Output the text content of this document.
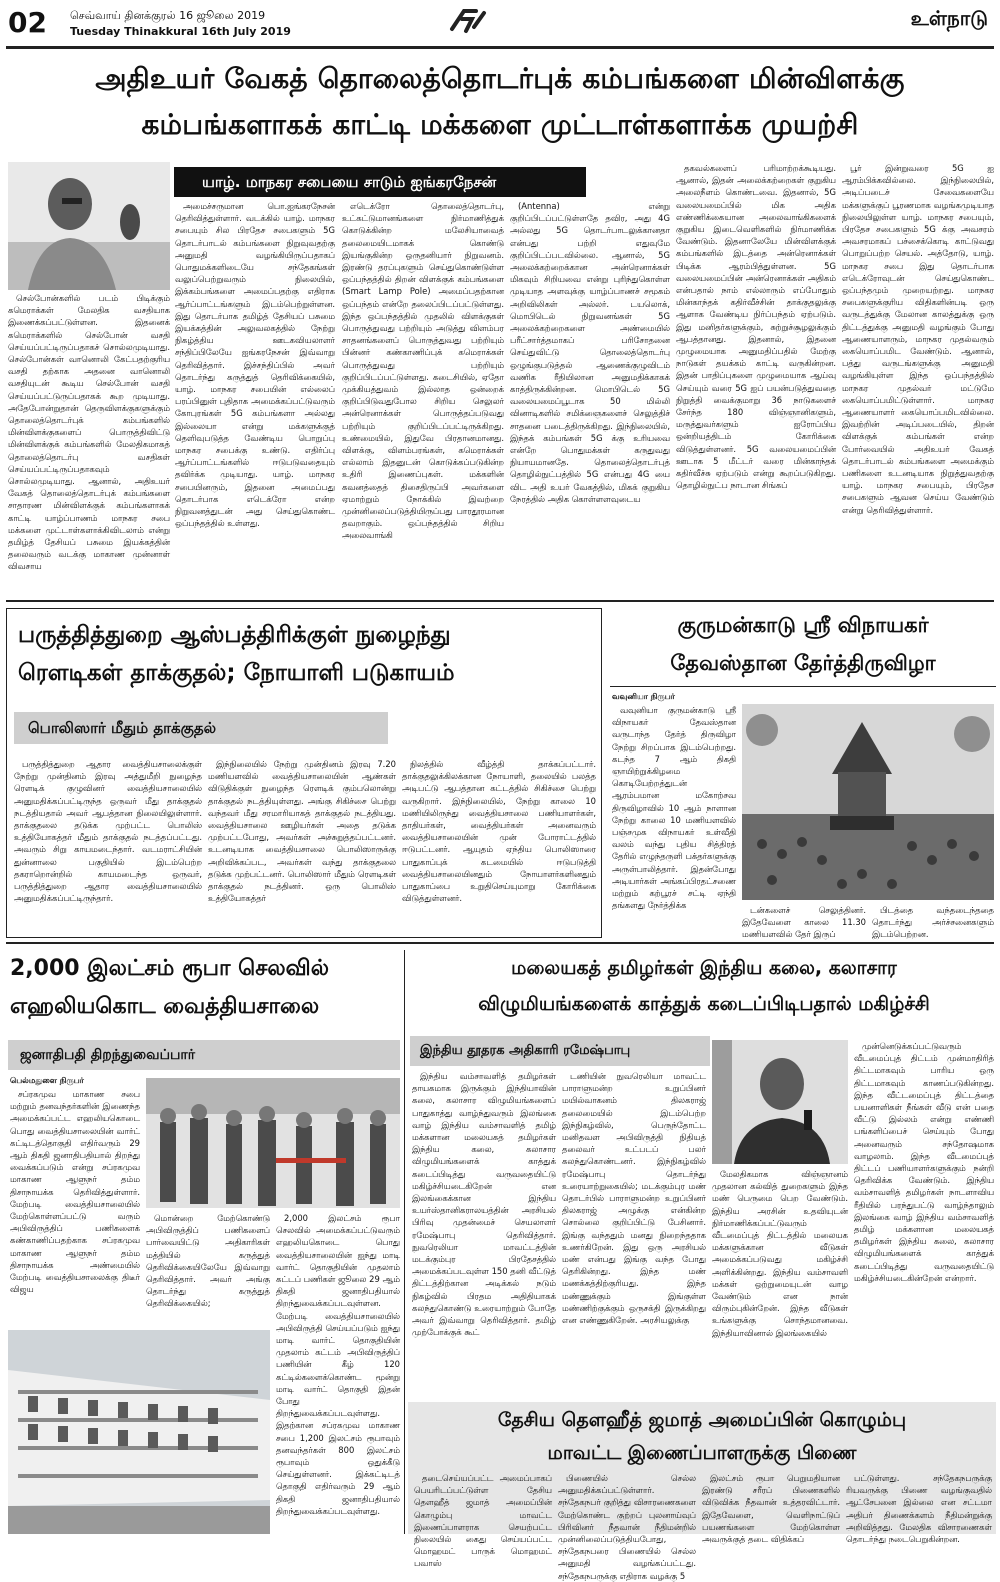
02 செவ்வாய் தினக்குரல் 16 ஜூலை 2019
Tuesday Thinakkural 16th July 2019
உள்நாடு
அதிஉயர் வேகத் தொலைத்தொடர்புக் கம்பங்களை மின்விளக்கு
கம்பங்களாகக் காட்டி மக்களை முட்டாள்களாக்க முயற்சி
யாழ். மாநகர சபையை சாடும் ஐங்கரநேசன்

செல்போன்களில் படம் பிடிக்கும் கமெராக்கள் மேலதிக வசதியாக இணைக்கப்பட்டுள்ளன. இதனைக் கமெராக்களில் செல்போன் வசதி செய்யப்பட்டிருப்பதாகச் சொல்லமுடியாது. செல்போன்கள் வானொலி கேட்பதற்குரிய வசதி தற்காக அதனை வானொலி வசதியுடன் கூடிய செல்போன் வசதி செய்யப்பட்டுருப்பதாகக் கூற முடியாது. அதேபோன்றுதான் தெருவிளக்குகளுக்கும் தொலைத்தொடர்புக் கம்பங்களில் மின்விளக்குகளைப் பொருத்திவிட்டு மின்விளக்குக் கம்பங்களில் மேலதிகமாகத் தொலைத்தொடர்பு வசதிகள் செய்யப்பட்டிருப்பதாகவும் சொல்லமுடியாது. ஆனால், அதிஉயர் வேகத் தொலைத்தொடர்புக் கம்பங்களை சாதாரண மின்விளக்குக் கம்பங்களாகக் காட்டி யாழ்ப்பாணம் மாநகர சபை மக்களை முட்டாள்களாக்கிவிடலாம் என்று தமிழ்த் தேசியப் பசுமை இயக்கத்தின் தலைவரும் வடக்கு மாகாண முன்னாள் விவசாய

அமைச்சருமான பொ.ஐங்கரநேசன் தெரிவித்துள்ளார். வடக்கில் யாழ். மாநகர சபையும் சில பிரதேச சபைகளும் 5G தொடர்பாடல் கம்பங்களை நிறுவுவதற்கு அனுமதி வழங்கியிருப்பதாகப் பொதுமக்களிடையே சந்தேகங்கள் வலுப்பெற்றுவரும் நிலையில், இக்கம்பங்களை அமைப்பதற்கு எதிராக ஆர்ப்பாட்டங்களும் இடம்பெற்றுள்ளன. இது தொடர்பாக தமிழ்த் தேசியப் பசுமை இயக்கத்தின் அலுவலகத்தில் நேற்று நிகழ்த்திய ஊடகவியலாளர் சந்திப்பிலேயே ஐங்கரநேசன் இவ்வாறு தெரிவித்தார். இச்சந்திப்பில் அவர் தொடர்ந்து கருத்துத் தெரிவிக்கையில், யாழ். மாநகர சபையின் எல்லைப் பரப்பினுள் புதிதாக அமைக்கப்பட்டுவரும் கோபுரங்கள் 5G கம்பங்களா அல்லது இல்லையா என்று மக்களுக்குத் தெளிவுபடுத்த வேண்டிய பொறுப்பு மாநகர சபைக்கு உண்டு. எதிர்ப்பு ஆர்ப்பாட்டங்களில் ஈடுபடுவதையும் தவிர்க்க முடியாது. யாழ். மாநகர சபையினரும், இதனை அமைப்பது தொடர்பாக எடெக்ரோ என்ற நிறுவனத்துடன் அது செய்துகொண்ட ஒப்பந்தத்தில் உள்ளது.

எடெக்ரோ தொலைத்தொடர்பு, உட்கட்டுமானங்களை நிர்மாணித்துக் கொடுக்கின்ற மலேசியாவைத் தலைமையிடமாகக் கொண்டு இயங்குகின்ற ஒருதனியார் நிறுவனம். இரண்டு தரப்புகளும் செய்துகொண்டுள்ள ஒப்பந்தத்தில் திறன் விளக்குக் கம்பங்களை (Smart Lamp Pole) அமைப்பதற்கான ஒப்பந்தம் என்றே தலைப்பிடப்பட்டுள்ளது. இந்த ஒப்பந்தத்தில் முதலில் விளக்குகள் பொருத்துவது பற்றியும் அடுத்து விளம்பர சாதனங்களைப் பொருத்துவது பற்றியும் பின்னர் கண்காணிப்புக் கமெராக்கள் பொருத்துவது பற்றியும் குறிப்பிடப்பட்டுள்ளது. கடைசியில், ஏதோ முக்கியத்துவம் இல்லாத ஒன்றைக் குறிப்பிடுவதுபோல சிறிய செலுலர் அன்ரெனாக்கள் பொருத்தப்படுவது பற்றியும் குறிப்பிடப்பட்டிருக்கிறது. உண்மையில், இதுவே பிரதானமானது. விளக்கு, விளம்பரங்கள், கமெராக்கள் எல்லாம் இதனுடன் கொடுக்கப்படுகின்ற உதிரி இணைப்புகள். மக்களின் கவனத்தைத் திசைதிருப்பி அவர்களை ஏமாற்றும் நோக்கில் இவற்றை முன்னிலைப்படுத்தியிருப்பது பாரதூரமான தவறாகும். ஒப்பந்தத்தில் சிறிய அலைவாங்கி

(Antenna) என்று குறிப்பிடப்பட்டுள்ளதே தவிர, அது 4G அல்லது 5G தொடர்பாடலுக்கானதா என்பது பற்றி எதுவுமே குறிப்பிடப்படவில்லை. ஆனால், 5G அலைக்கற்றைக்கான அன்ரெனாக்கள் மிகவும் சிறியவை என்று புரிந்துகொள்ள முடியாத அளவுக்கு யாழ்ப்பாணச் சமூகம் அறிவிலிகள் அல்லர். டயலொக், மொபிடெல் நிறுவனங்கள் 5G அலைக்கற்றைகளை அண்மையில் பரீட்சார்த்தமாகப் பரிசோதனை செய்துவிட்டு தொலைத்தொடர்பு ஒழுங்குபடுத்தல் ஆணைக்குழுவிடம் வணிக ரீதியிலான அனுமதிக்காகக் காத்திருக்கின்றன. மொபிடெல் 5G வலையமைப்பூடாக 50 மில்லி வினாடிகளில் சமிக்ஞைகளைச் செலுத்திச் சாதனை படைத்திருக்கிறது. இந்நிலையில், இந்தக் கம்பங்கள் 5G க்கு உரியவை என்றே பொதுமக்கள் கருதுவது நியாயமானதே. தொலைத்தொடர்புத் தொழில்நுட்பத்தில் 5G என்பது 4G யை விட அதி உயர் வேகத்தில், மிகக் குறுகிய நேரத்தில் அதிக கொள்ளளவுடைய

தகவல்களைப் பரிமாற்றக்கூடியது. ஆனால், இதன் அலைக்கற்றைகள் குறுகிய அலைநீளம் கொண்டவை. இதனால், 5G வலையமைப்பில் மிக அதிக எண்ணிக்கையான அலைவாங்கிகளைக் குறுகிய இடைவெளிகளில் நிர்மாணிக்க வேண்டும். இதனாலேயே மின்விளக்குக் கம்பங்களில் இடத்தை அன்ரெனாக்கள் பிடிக்க ஆரம்பித்துள்ளன. 5G வலையமைப்பின் அன்ரெனாக்கள் அதிகம் என்பதால் நாம் எல்லாரும் எப்போதும் மின்காந்தக் கதிர்வீச்சின் தாக்குதலுக்கு ஆளாக வேண்டிய நிர்ப்பந்தம் ஏற்படும். இது மனிதர்களுக்கும், சுற்றுச்சூழலுக்கும் ஆபத்தானது. இதனால், இதனை முழுமையாக அனுமதிப்பதில் மேற்கு நாடுகள் தயக்கம் காட்டி வருகின்றன. இதன் பாதிப்புகளை முழுமையாக ஆய்வு செய்யும் வரை 5G ஐப் பயன்படுத்துவதை நிறுத்தி வைக்குமாறு 36 நாடுகளைச் சேர்ந்த 180 விஞ்ஞானிகளும், மருத்துவர்களும் ஐரோப்பிய ஒன்றியத்திடம் கோரிக்கை விடுத்துள்ளனர். 5G வலையமைப்பின் ஊடாக 5 மீட்டர் வரை மின்காந்தக் கதிர்வீச்சு ஏற்படும் என்று கூறப்படுகிறது. தொழில்நுட்ப நாடான சிங்கப்

பூர் இன்றுவரை 5G ஐ ஆரம்பிக்கவில்லை. இந்நிலையில், அடிப்படைச் சேவைகளையே மக்களுக்குப் பூரணமாக வழங்கமுடியாத நிலையிலுள்ள யாழ். மாநகர சபையும், பிரதேச சபைகளும் 5G க்கு அவசரம் அவசரமாகப் பச்சைக்கொடி காட்டுவது பொறுப்பற்ற செயல். அத்தோடு, யாழ். மாநகர சபை இது தொடர்பாக எடெக்ரோவுடன் செய்துகொண்ட ஒப்பந்தமும் முறையற்றது. மாநகர சபைகளுக்குரிய விதிகளின்படி ஒரு வருடத்துக்கு மேலான காலத்துக்கு ஒரு திட்டத்துக்கு அனுமதி வழங்கும் போது ஆணையாளரும், மாநகர முதல்வரும் கையொப்பமிட வேண்டும். ஆனால், பத்து வருடங்களுக்கு அனுமதி வழங்கியுள்ள இந்த ஒப்பந்தத்தில் மாநகர முதல்வர் மட்டுமே கையொப்பமிட்டுள்ளார். மாநகர ஆணையாளர் கையொப்பமிடவில்லை. இவற்றின் அடிப்படையில், திறன் விளக்குக் கம்பங்கள் என்ற போர்வையில் அதிஉயர் வேகத் தொடர்பாடல் கம்பங்களை அமைக்கும் பணிகளை உடனடியாக நிறுத்துவதற்கு யாழ். மாநகர சபையும், பிரதேச சபைகளும் ஆவன செய்ய வேண்டும் என்று தெரிவித்துள்ளார்.

பருத்தித்துறை ஆஸ்பத்திரிக்குள் நுழைந்து
ரௌடிகள் தாக்குதல்; நோயாளி படுகாயம்
பொலிஸார் மீதும் தாக்குதல்

பருத்தித்துறை ஆதார வைத்தியசாலைக்குள் நேற்று முன்தினம் இரவு அத்துமீறி நுழைந்த ரௌடிக் குழுவினர் வைத்தியசாலையில் அனுமதிக்கப்பட்டிருந்த ஒருவர் மீது தாக்குதல் நடத்தியதால் அவர் ஆபத்தான நிலையிலுள்ளார். தாக்குதலை தடுக்க முற்பட்ட பொலிஸ் உத்தியோகத்தர் மீதும் தாக்குதல் நடத்தப்பட்டது. அவரும் சிறு காயமடைந்தார். வடமராட்சியின் துன்னாலை பகுதியில் இடம்பெற்ற தகராறொன்றில் காயமடைந்த ஒருவர், பருத்தித்துறை ஆதார வைத்தியசாலையில் அனுமதிக்கப்பட்டிருந்தார்.

இந்நிலையில் நேற்று முன்தினம் இரவு 7.20 மணியளவில் வைத்தியசாலையின் ஆண்கள் விடுதிக்குள் நுழைந்த ரௌடிக் கும்பலொன்று தாக்குதல் நடத்தியுள்ளது. அங்கு சிகிச்சை பெற்று வந்தவர் மீது சரமாரியாகத் தாக்குதல் நடத்தியது. வைத்தியசாலை ஊழியர்கள் அதை தடுக்க முற்பட்டபோது, அவர்கள் அச்சுறுத்தப்பட்டனர். உடனடியாக வைத்தியசாலை பொலிஸாருக்கு அறிவிக்கப்பட, அவர்கள் வந்து தாக்குதலை தடுக்க முற்பட்டனர். பொலிஸார் மீதும் ரௌடிகள் தாக்குதல் நடத்தினர். ஒரு பொலிஸ் உத்தியோகத்தர்

நிலத்தில் வீழ்த்தி தாக்கப்பட்டார். தாக்குதலுக்கிலக்கான நோயாளி, தலையில் பலத்த அடிபட்டு ஆபத்தான கட்டத்தில் சிகிச்சை பெற்று வருகிறார். இந்நிலையில், நேற்று காலை 10 மணியிலிருந்து வைத்தியசாலை பணியாளர்கள், தாதியர்கள், வைத்தியர்கள் அனைவரும் வைத்தியசாலையின் முன் போராட்டத்தில் ஈடுபட்டனர். ஆயுதம் ஏந்திய பொலிஸாரை பாதுகாப்புக் கடமையில் ஈடுபடுத்தி வைத்தியசாலையினதும் நோயாளர்களினதும் பாதுகாப்பை உறுதிசெய்யுமாறு கோரிக்கை விடுத்துள்ளனர்.

குருமன்காடு ஸ்ரீ விநாயகர்
தேவஸ்தான தேர்த்திருவிழா
வவுனியா நிருபர்

வவுனியா குருமன்காடு ஸ்ரீ விநாயகர் தேவஸ்தான வருடாந்த தேர்த் திருவிழா நேற்று சிறப்பாக இடம்பெற்றது. கடந்த 7 ஆம் திகதி ஞாயிற்றுக்கிழமை கொடியேற்றத்துடன் ஆரம்பமான மகோற்சவ திருவிழாவில் 10 ஆம் நாளான நேற்று காலை 10 மணியளவில் பஞ்சமுக விநாயகர் உள்வீதி வலம் வந்து புதிய சித்திரத் தேரில் எழுந்தருளி பக்தர்களுக்கு அருள்பாலித்தார். இதன்போது அடியார்கள் அங்கப்பிரதட்சணை மற்றும் கற்பூரச் சட்டி ஏந்தி தங்களது நேர்த்திக்க	டன்களைச் செலுத்தினர். இதேவேளை காலை 11.30 மணியளவில் தேர் இருப்

பிடத்தை வந்தடைந்ததை தொடர்ந்து அர்ச்சனைகளும் இடம்பெற்றன.

2,000 இலட்சம் ரூபா செலவில்
எஹலியகொட வைத்தியசாலை
ஜனாதிபதி திறந்துவைப்பார்
பெல்மதுளை நிருபர்

சப்ரகமுவ மாகாண சபை மற்றும் தனவந்தர்களின் இணைந்த அமைக்கப்பட்ட எஹலியகொடை பொது வைத்தியசாலையின் வார்ட் கட்டிடத்தொகுதி எதிர்வரும் 29 ஆம் திகதி ஜனாதிபதியால் திறந்து வைக்கப்படும் என்று சப்ரகமுவ மாகாண ஆளுநர் தம்ம திசாநாயக்க தெரிவித்துள்ளார். மேற்படி வைத்தியசாலையில் மேற்கொள்ளப்பட்டு வரும் அபிவிருத்திப் பணிகளைக் கண்காணிப்பதற்காக சப்ரகமுவ மாகாண ஆளுநர் தம்ம திசாநாயக்க அண்மையில் மேற்படி வைத்தியசாலைக்கு திடீர் விஜய

மொன்றை மேற்கொண்டு அபிவிருத்திப் பணிகளைப் பார்வையிட்டு அதிகாரிகள் மத்தியில் கருத்துத் தெரிவிக்கையிலேயே இவ்வாறு தெரிவித்தார். அவர் அங்கு தொடர்ந்து கருத்துத் தெரிவிக்கையில்;

2,000 இலட்சம் ரூபா செலவில் அமைக்கப்பட்டுவரும் எஹலியகொடை பொது வைத்தியசாலையின் ஐந்து மாடி வார்ட் தொகுதியின் முதலாம் கட்டப் பணிகள் ஜூலை 29 ஆம் திகதி ஜனாதிபதியால் திறந்துவைக்கப்படவுள்ளன. மேற்படி வைத்தியசாலையில் அபிவிருத்தி செய்யப்படும் ஐந்து மாடி வார்ட் தொகுதியின் முதலாம் கட்டம் அபிவிருத்திப் பணியின் கீழ் 120 கட்டில்களைக்கொண்ட மூன்று மாடி வார்ட் தொகுதி இதன் போது திறந்துவைக்கப்படவுள்ளது. இதற்கான சப்ரகமுவ மாகாண சபை 1,200 இலட்சம் ரூபாவும் தனவந்தர்கள் 800 இலட்சம் ரூபாவும் ஒதுக்கீடு செய்துள்ளனர். இக்கட்டிடத் தொகுதி எதிர்வரும் 29 ஆம் திகதி ஜனாதிபதியால் திறந்துவைக்கப்படவுள்ளது.

மலையகத் தமிழர்கள் இந்திய கலை, கலாசார
விழுமியங்களைக் காத்துக் கடைப்பிடிபதால் மகிழ்ச்சி
இந்திய தூதரக அதிகாரி ரமேஷ்பாபு

இந்திய வம்சாவளித் தமிழர்கள் தாயகமாக இருக்கும் இந்தியாவின் கலை, கலாசார விழுமியங்களைப் பாதுகாத்து வாழ்ந்துவரும் இலங்கை வாழ் இந்திய வம்சாவளித் தமிழ் மக்களான மலையகத் தமிழர்கள் இந்திய கலை, கலாசார விழுமியங்களைக் காத்துக் கடைப்பிடித்து வருவதையிட்டு மகிழ்ச்சியடைகிறேன் என இலங்கைக்கான இந்திய உயர்ஸ்தானிகராலயத்தின் அரசியல் பிரிவு முதன்மைச் செயலாளர் ரமேஷ்பாபு தெரிவித்தார். நுவரெலியா மாவட்டத்தின் மடக்கும்புர பிரதேசத்தில் அமைக்கப்படவுள்ள 150 தனி வீட்டுத் திட்டத்திற்கான அடிக்கல் நடும் நிகழ்வில் பிரதம அதிதியாகக் கலந்துகொண்டு உரையாற்றும் போதே அவர் இவ்வாறு தெரிவித்தார். தமிழ் முற்போக்குக் கூட்

டணியின் நுவரெலியா மாவட்ட பாராளுமன்ற உறுப்பினர் மயில்வாகனம் திலகராஜ் தலைமையில் இடம்பெற்ற இந்நிகழ்வில், பெருந்தோட்ட மனிதவள அபிவிருத்தி நிதியத் தலைவர் உட்படப் பலர் கலந்துகொண்டனர். இந்நிகழ்வில் ரமேஷ்பாபு தொடர்ந்து உரையாற்றுகையில்; மடக்கும்புர மண் தொடர்பில் பாராளுமன்ற உறுப்பினர் திலகராஜ் அழுக்கு என்கின்ற சொல்லை குறிப்பிட்டு பேசினார். இங்கு வந்ததும் மனது நிறைந்ததாக உணர்கிறேன். இது ஒரு அரசியல் மண் என்பது இங்கு வந்த போது தெரிகின்றது. இந்த மண் மணக்கத்திற்குரியது. இந்த மண்ணுக்கும் இங்குள்ள மண்ணிற்குக்கும் ஒருசக்தி இருக்கிறது என எண்ணுகிறேன். அரசியலுக்கு

மேலதிகமாக விஞ்ஞானம் முதலான கல்வித் துறைகளும் இந்த மண் பெருமை பெற வேண்டும். இந்திய அரசின் உதவியுடன் நிர்மாணிக்கப்பட்டுவரும் வீடமைப்புத் திட்டத்தில் மலையக மக்களுக்கான வீடுகள் அமைக்கப்படுவது மகிழ்ச்சி அளிக்கின்றது. இந்திய வம்சாவளி மக்கள் ஒற்றுமையுடன் வாழ வேண்டும் என நான் விரும்புகின்றேன். இந்த வீடுகள் உங்களுக்கு சொந்தமானவை. இந்தியாவினால் இலங்கையில்

முன்னெடுக்கப்பட்டுவரும் வீடமைப்புத் திட்டம் முன்மாதிரித் திட்டமாகவும் பாரிய ஒரு திட்டமாகவும் காணப்படுகின்றது. இந்த வீட்டமைப்புத் திட்டத்தை பயனாளிகள் நீங்கள் வீடு என் பதை வீட்டு இல்லம் என்று எண்ணி பங்களிப்பைச் செய்யும் போது அனைவரும் சந்தோஷமாக வாழலாம். இந்த வீடமைப்புத் திட்டப் பணியாளர்களுக்கும் நன்றி தெரிவிக்க வேண்டும். இந்திய வம்சாவளித் தமிழர்கள் நாடளாவிய ரீதியில் பரந்துபட்டு வாழ்ந்தாலும் இலங்கை வாழ் இந்திய வம்சாவளித் தமிழ் மக்களான மலையகத் தமிழர்கள் இந்திய கலை, கலாசார விழுமியங்களைக் காத்துக் கடைப்பிடித்து வருவதையிட்டு மகிழ்ச்சியடைகின்றேன் என்றார்.

தேசிய தௌஹீத் ஜமாத் அமைப்பின் கொழும்பு
மாவட்ட இணைப்பாளருக்கு பிணை

தடைசெய்யப்பட்ட அமைப்பாகப் பெயரிடப்பட்டுள்ள தேசிய தௌஹீத் ஜமாத் அமைப்பின் கொழும்பு மாவட்ட இணைப்பாளராக செயற்பட்ட நிலையில் கைது செய்யப்பட்ட மொஹமட் பாருக் மொஹமட் பவாஸ்

பிணையில் செல்ல அனுமதிக்கப்பட்டுள்ளார். சந்தேகநபர் குறித்து விசாரணைகளை மேற்கொண்ட குற்றப் புலனாய்வுப் பிரிவினர் நீதவான் நீதிமன்றில் முன்னிலைப்படுத்தியபோது, சந்தேகநபரை பிணையில் செல்ல அனுமதி வழங்கப்பட்டது. சந்தேகநபருக்கு எதிராக வழக்கு 5

இலட்சம் ரூபா பெறுமதியான இரண்டு சரீரப் பிணைகளில் விடுவிக்க நீதவான் உத்தரவிட்டார். இதேவேளை, வெளிநாட்டுப் பயணங்களை மேற்கொள்ள அவருக்குத் தடை விதிக்கப்

பட்டுள்ளது. சந்தேகநபருக்கு ரியவருக்கு பிணை வழங்குவதில் ஆட்சேபனை இல்லை என சட்டமா அதிபர் திணைக்களம் நீதிமன்றுக்கு அறிவித்தது. மேலதிக விசாரணைகள் தொடர்ந்து நடைபெறுகின்றன.
